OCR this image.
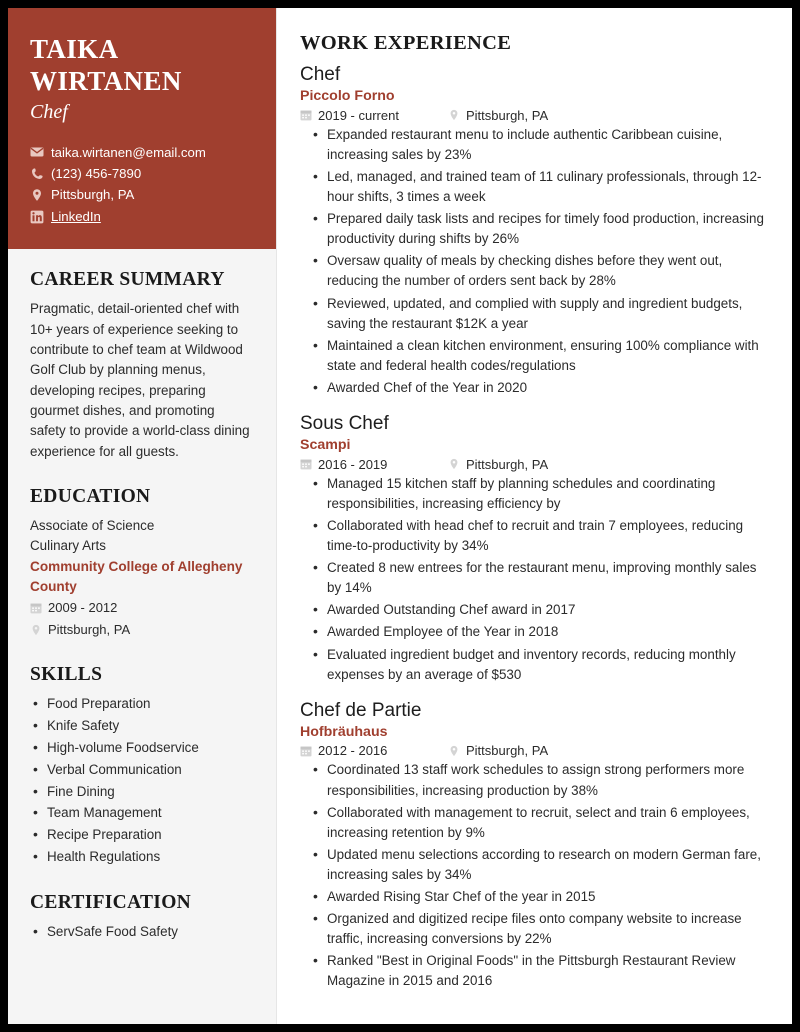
TAIKA WIRTANEN
Chef
taika.wirtanen@email.com
(123) 456-7890
Pittsburgh, PA
LinkedIn
CAREER SUMMARY

Pragmatic, detail-oriented chef with 10+ years of experience seeking to contribute to chef team at Wildwood Golf Club by planning menus, developing recipes, preparing gourmet dishes, and promoting safety to provide a world-class dining experience for all guests.

EDUCATION
Associate of Science
Culinary Arts
Community College of Allegheny County
2009 - 2012
Pittsburgh, PA
SKILLS
• Food Preparation
• Knife Safety
• High-volume Foodservice
• Verbal Communication
• Fine Dining
• Team Management
• Recipe Preparation
• Health Regulations
CERTIFICATION
• ServSafe Food Safety
WORK EXPERIENCE
Chef
Piccolo Forno
2019 - current	Pittsburgh, PA
• Expanded restaurant menu to include authentic Caribbean cuisine, increasing sales by 23%
• Led, managed, and trained team of 11 culinary professionals, through 12-hour shifts, 3 times a week
• Prepared daily task lists and recipes for timely food production, increasing productivity during shifts by 26%
• Oversaw quality of meals by checking dishes before they went out, reducing the number of orders sent back by 28%
• Reviewed, updated, and complied with supply and ingredient budgets, saving the restaurant $12K a year
• Maintained a clean kitchen environment, ensuring 100% compliance with state and federal health codes/regulations
• Awarded Chef of the Year in 2020
Sous Chef
Scampi
2016 - 2019	Pittsburgh, PA
• Managed 15 kitchen staff by planning schedules and coordinating responsibilities, increasing efficiency by
• Collaborated with head chef to recruit and train 7 employees, reducing time-to-productivity by 34%
• Created 8 new entrees for the restaurant menu, improving monthly sales by 14%
• Awarded Outstanding Chef award in 2017
• Awarded Employee of the Year in 2018
• Evaluated ingredient budget and inventory records, reducing monthly expenses by an average of $530
Chef de Partie
Hofbräuhaus
2012 - 2016	Pittsburgh, PA
• Coordinated 13 staff work schedules to assign strong performers more responsibilities, increasing production by 38%
• Collaborated with management to recruit, select and train 6 employees, increasing retention by 9%
• Updated menu selections according to research on modern German fare, increasing sales by 34%
• Awarded Rising Star Chef of the year in 2015
• Organized and digitized recipe files onto company website to increase traffic, increasing conversions by 22%
• Ranked "Best in Original Foods" in the Pittsburgh Restaurant Review Magazine in 2015 and 2016
